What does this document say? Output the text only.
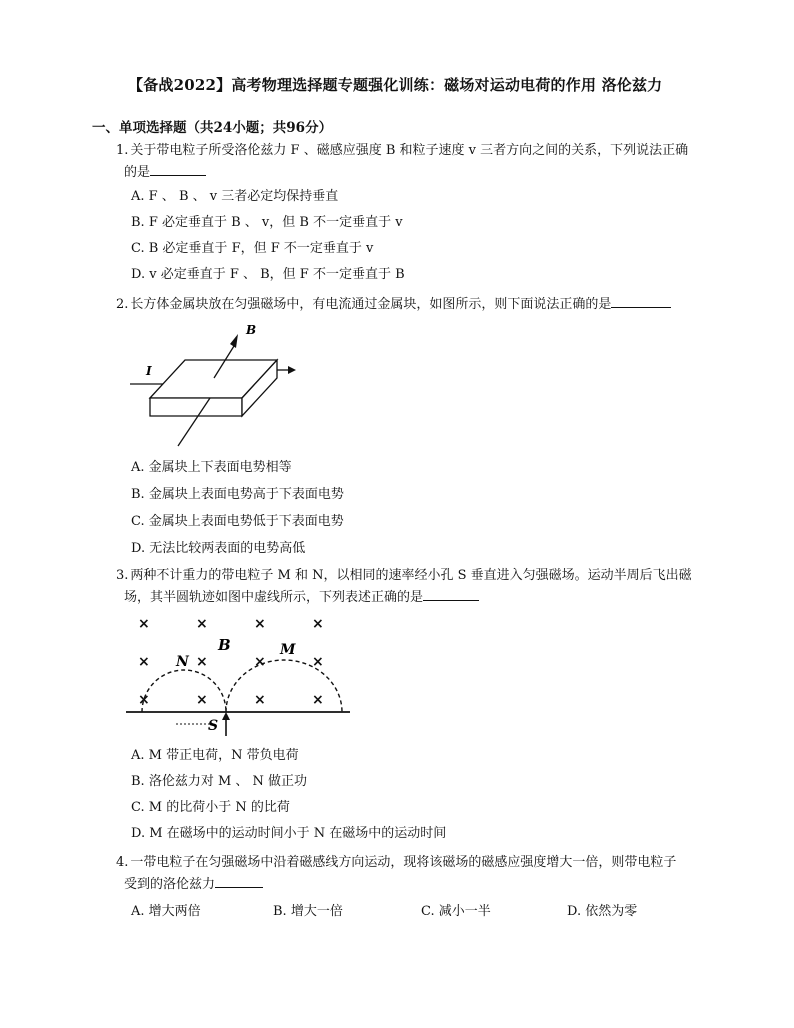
【备战2022】高考物理选择题专题强化训练：磁场对运动电荷的作用 洛伦兹力
一、单项选择题（共24小题；共96分）
1. 关于带电粒子所受洛伦兹力 F 、磁感应强度 B 和粒子速度 v 三者方向之间的关系，下列说法正确
的是
A. F 、 B 、 v 三者必定均保持垂直
B. F 必定垂直于 B 、 v，但 B 不一定垂直于 v
C. B 必定垂直于 F，但 F 不一定垂直于 v
D. v 必定垂直于 F 、 B，但 F 不一定垂直于 B
2. 长方体金属块放在匀强磁场中，有电流通过金属块，如图所示，则下面说法正确的是
I
B
A. 金属块上下表面电势相等
B. 金属块上表面电势高于下表面电势
C. 金属块上表面电势低于下表面电势
D. 无法比较两表面的电势高低
3. 两种不计重力的带电粒子 M 和 N，以相同的速率经小孔 S 垂直进入匀强磁场。运动半周后飞出磁
场，其半圆轨迹如图中虚线所示，下列表述正确的是
×	×	×	×
×	×	×	×
×	×	×	×
B
N
M
S
A. M 带正电荷，N 带负电荷
B. 洛伦兹力对 M 、 N 做正功
C. M 的比荷小于 N 的比荷
D. M 在磁场中的运动时间小于 N 在磁场中的运动时间
4. 一带电粒子在匀强磁场中沿着磁感线方向运动，现将该磁场的磁感应强度增大一倍，则带电粒子
受到的洛伦兹力
A. 增大两倍	B. 增大一倍	C. 减小一半	D. 依然为零
